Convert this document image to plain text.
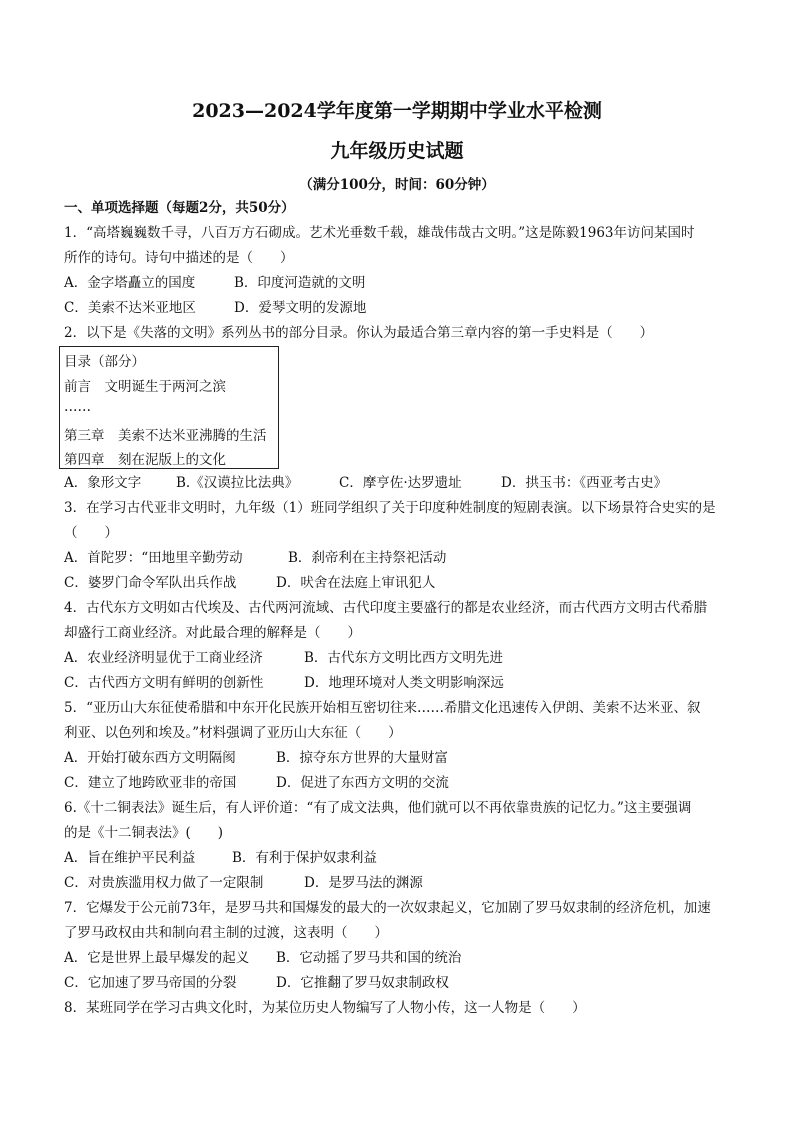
2023—2024学年度第一学期期中学业水平检测
九年级历史试题
（满分100分，时间：60分钟）
一、单项选择题（每题2分，共50分）
1．“高塔巍巍数千寻，八百万方石砌成。艺术光垂数千载，雄哉伟哉古文明。”这是陈毅1963年访问某国时
所作的诗句。诗句中描述的是（　　）
A．金字塔矗立的国度	B．印度河造就的文明
C．美索不达米亚地区	D．爱琴文明的发源地
2．以下是《失落的文明》系列丛书的部分目录。你认为最适合第三章内容的第一手史料是（　　）
目录（部分）
前言　文明诞生于两河之滨
……
第三章　美索不达米亚沸腾的生活
第四章　刻在泥版上的文化
A．象形文字	B.《汉谟拉比法典》	C．摩亨佐·达罗遗址	D．拱玉书：《西亚考古史》
3．在学习古代亚非文明时，九年级（1）班同学组织了关于印度种姓制度的短剧表演。以下场景符合史实的是
（　　）
A．首陀罗：“田地里辛勤劳动	B．刹帝利在主持祭祀活动
C．婆罗门命令军队出兵作战	D．吠舍在法庭上审讯犯人
4．古代东方文明如古代埃及、古代两河流域、古代印度主要盛行的都是农业经济，而古代西方文明古代希腊
却盛行工商业经济。对此最合理的解释是（　　）
A．农业经济明显优于工商业经济	B．古代东方文明比西方文明先进
C．古代西方文明有鲜明的创新性	D．地理环境对人类文明影响深远
5．“亚历山大东征使希腊和中东开化民族开始相互密切往来……希腊文化迅速传入伊朗、美索不达米亚、叙
利亚、以色列和埃及。”材料强调了亚历山大东征（　　）
A．开始打破东西方文明隔阂	B．掠夺东方世界的大量财富
C．建立了地跨欧亚非的帝国	D．促进了东西方文明的交流
6.《十二铜表法》诞生后，有人评价道：“有了成文法典，他们就可以不再依靠贵族的记忆力。”这主要强调
的是《十二铜表法》(　　)
A．旨在维护平民利益	B．有利于保护奴隶利益
C．对贵族滥用权力做了一定限制	D．是罗马法的渊源
7．它爆发于公元前73年，是罗马共和国爆发的最大的一次奴隶起义，它加剧了罗马奴隶制的经济危机，加速
了罗马政权由共和制向君主制的过渡，这表明（　　）
A．它是世界上最早爆发的起义 B．它动摇了罗马共和国的统治
C．它加速了罗马帝国的分裂	D．它推翻了罗马奴隶制政权
8．某班同学在学习古典文化时，为某位历史人物编写了人物小传，这一人物是（　　）
